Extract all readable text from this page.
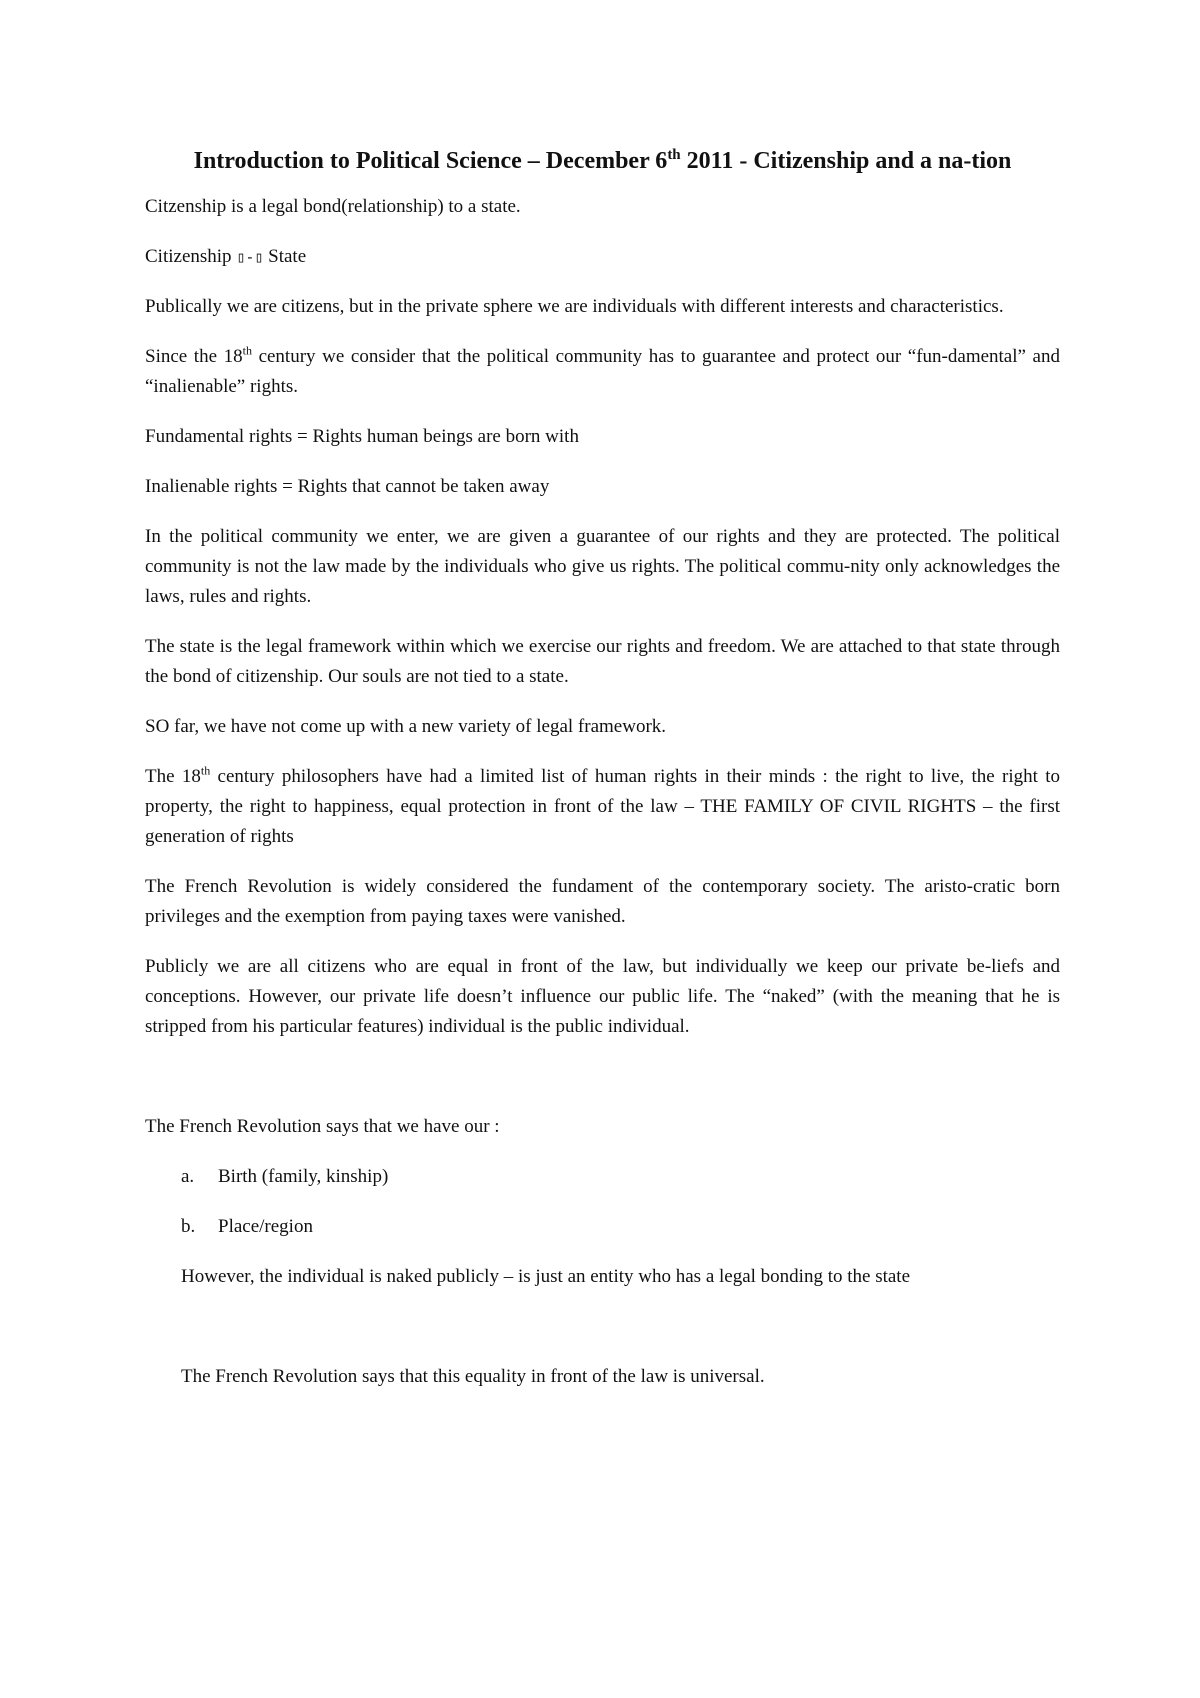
Introduction to Political Science – December 6th 2011 - Citizenship and a na-tion

Citzenship is a legal bond(relationship) to a state.

Citizenship ▯-▯ State

Publically we are citizens, but in the private sphere we are individuals with different interests and characteristics.

Since the 18th century we consider that the political community has to guarantee and protect our “fun-damental” and “inalienable” rights.

Fundamental rights = Rights human beings are born with

Inalienable rights = Rights that cannot be taken away

In the political community we enter, we are given a guarantee of our rights and they are protected. The political community is not the law made by the individuals who give us rights. The political commu-nity only acknowledges the laws, rules and rights.

The state is the legal framework within which we exercise our rights and freedom. We are attached to that state through the bond of citizenship. Our souls are not tied to a state.

SO far, we have not come up with a new variety of legal framework.

The 18th century philosophers have had a limited list of human rights in their minds : the right to live, the right to property, the right to happiness, equal protection in front of the law – THE FAMILY OF CIVIL RIGHTS – the first generation of rights

The French Revolution is widely considered the fundament of the contemporary society. The aristo-cratic born privileges and the exemption from paying taxes were vanished.

Publicly we are all citizens who are equal in front of the law, but individually we keep our private be-liefs and conceptions. However, our private life doesn’t influence our public life. The “naked” (with the meaning that he is stripped from his particular features) individual is the public individual.

The French Revolution says that we have our :

a. Birth (family, kinship)
b. Place/region

However, the individual is naked publicly – is just an entity who has a legal bonding to the state

The French Revolution says that this equality in front of the law is universal.
